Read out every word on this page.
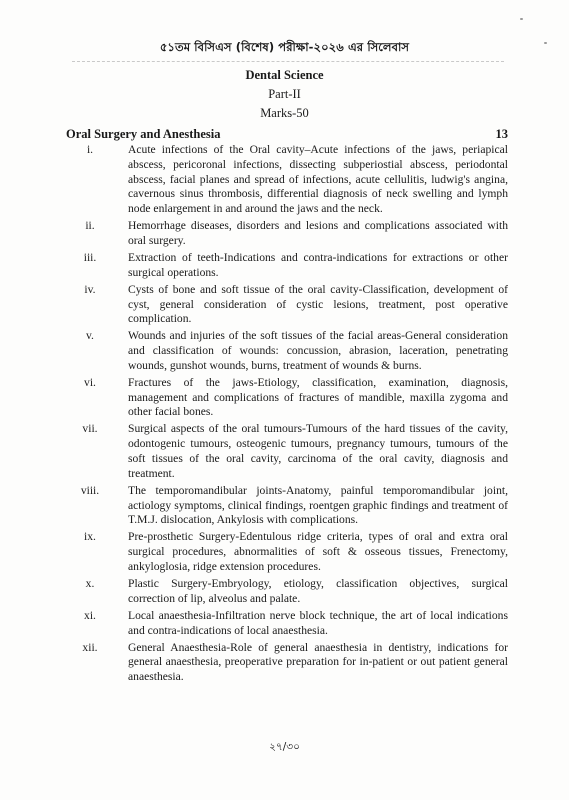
৫১তম বিসিএস (বিশেষ) পরীক্ষা-২০২৬ এর সিলেবাস
Dental Science
Part-II
Marks-50
Oral Surgery and Anesthesia	13
i.	Acute infections of the Oral cavity–Acute infections of the jaws, periapical abscess, pericoronal infections, dissecting subperiostial abscess, periodontal abscess, facial planes and spread of infections, acute cellulitis, ludwig's angina, cavernous sinus thrombosis, differential diagnosis of neck swelling and lymph node enlargement in and around the jaws and the neck.
ii.	Hemorrhage diseases, disorders and lesions and complications associated with oral surgery.
iii.	Extraction of teeth-Indications and contra-indications for extractions or other surgical operations.
iv.	Cysts of bone and soft tissue of the oral cavity-Classification, development of cyst, general consideration of cystic lesions, treatment, post operative complication.
v.	Wounds and injuries of the soft tissues of the facial areas-General consideration and classification of wounds: concussion, abrasion, laceration, penetrating wounds, gunshot wounds, burns, treatment of wounds & burns.
vi.	Fractures of the jaws-Etiology, classification, examination, diagnosis, management and complications of fractures of mandible, maxilla zygoma and other facial bones.
vii.	Surgical aspects of the oral tumours-Tumours of the hard tissues of the cavity, odontogenic tumours, osteogenic tumours, pregnancy tumours, tumours of the soft tissues of the oral cavity, carcinoma of the oral cavity, diagnosis and treatment.
viii.	The temporomandibular joints-Anatomy, painful temporomandibular joint, actiology symptoms, clinical findings, roentgen graphic findings and treatment of T.M.J. dislocation, Ankylosis with complications.
ix.	Pre-prosthetic Surgery-Edentulous ridge criteria, types of oral and extra oral surgical procedures, abnormalities of soft & osseous tissues, Frenectomy, ankyloglosia, ridge extension procedures.
x.	Plastic Surgery-Embryology, etiology, classification objectives, surgical correction of lip, alveolus and palate.
xi.	Local anaesthesia-Infiltration nerve block technique, the art of local indications and contra-indications of local anaesthesia.
xii.	General Anaesthesia-Role of general anaesthesia in dentistry, indications for general anaesthesia, preoperative preparation for in-patient or out patient general anaesthesia.
২৭/৩০
